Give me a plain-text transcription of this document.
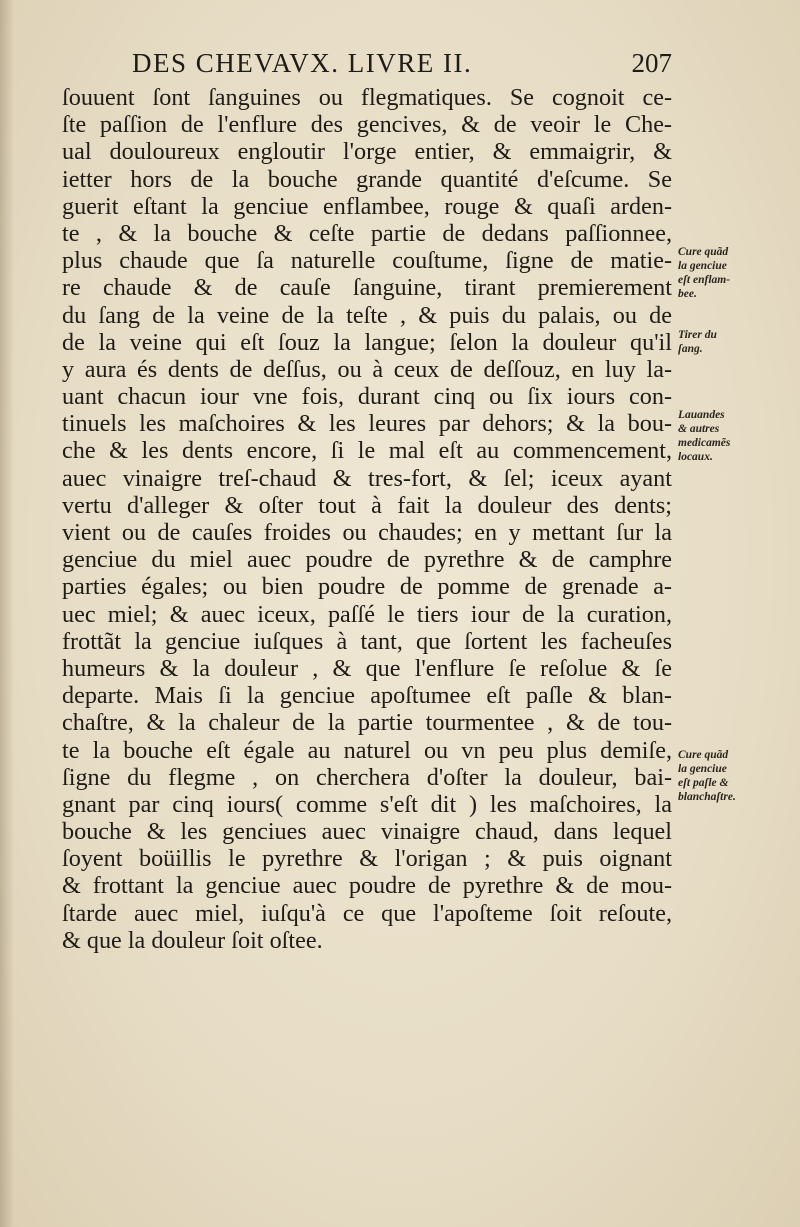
DES CHEVAVX. LIVRE II.	207
ſouuent ſont ſanguines ou flegmatiques. Se cognoit ce-
ſte paſſion de l'enflure des gencives, & de veoir le Che-
ual douloureux engloutir l'orge entier, & emmaigrir, &
ietter hors de la bouche grande quantité d'eſcume. Se
guerit eſtant la genciue enflambee, rouge & quaſi arden-
te , & la bouche & ceſte partie de dedans paſſionnee,
plus chaude que ſa naturelle couſtume, ſigne de matie-
re chaude & de cauſe ſanguine, tirant premierement
du ſang de la veine de la teſte , & puis du palais, ou de
de la veine qui eſt ſouz la langue; ſelon la douleur qu'il
y aura és dents de deſſus, ou à ceux de deſſouz, en luy la-
uant chacun iour vne fois, durant cinq ou ſix iours con-
tinuels les maſchoires & les leures par dehors; & la bou-
che & les dents encore, ſi le mal eſt au commencement,
auec vinaigre treſ-chaud & tres-fort, & ſel; iceux ayant
vertu d'alleger & oſter tout à fait la douleur des dents;
vient ou de cauſes froides ou chaudes; en y mettant ſur la
genciue du miel auec poudre de pyrethre & de camphre
parties égales; ou bien poudre de pomme de grenade a-
uec miel; & auec iceux, paſſé le tiers iour de la curation,
frottãt la genciue iuſques à tant, que ſortent les facheuſes
humeurs & la douleur , & que l'enflure ſe reſolue & ſe
departe. Mais ſi la genciue apoſtumee eſt paſle & blan-
chaſtre, & la chaleur de la partie tourmentee , & de tou-
te la bouche eſt égale au naturel ou vn peu plus demiſe,
ſigne du flegme , on cherchera d'oſter la douleur, bai-
gnant par cinq iours( comme s'eſt dit ) les maſchoires, la
bouche & les genciues auec vinaigre chaud, dans lequel
ſoyent boüillis le pyrethre & l'origan ; & puis oignant
& frottant la genciue auec poudre de pyrethre & de mou-
ſtarde auec miel, iuſqu'à ce que l'apoſteme ſoit reſoute,
& que la douleur ſoit oſtee.
Cure quãd
la genciue
eſt enflam-
bee.
Tirer du
ſang.
Lauandes
& autres
medicamẽs
locaux.
Cure quãd
la genciue
eſt paſle &
blanchaſtre.
